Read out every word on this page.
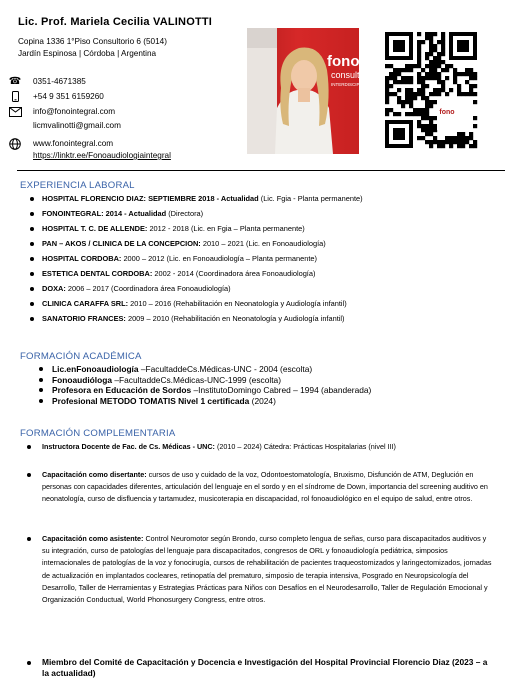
Lic. Prof. Mariela Cecilia VALINOTTI
Copina 1336 1°Piso Consultorio 6 (5014)
Jardín Espinosa | Córdoba | Argentina
☎ 0351-4671385
+54 9 351 6159260
info@fonointegral.com
licmvalinotti@gmail.com
www.fonointegral.com
https://linktr.ee/Fonoaudiologiaintegral
fono
consultor
INTERDISCIPLI
fono
EXPERIENCIA LABORAL
HOSPITAL FLORENCIO DIAZ: SEPTIEMBRE 2018 - Actualidad (Lic. Fgia - Planta permanente)
FONOINTEGRAL: 2014 - Actualidad (Directora)
HOSPITAL T. C. DE ALLENDE: 2012 - 2018 (Lic. en Fgia – Planta permanente)
PAN – AKOS / CLINICA DE LA CONCEPCION: 2010 – 2021 (Lic. en Fonoaudiología)
HOSPITAL CORDOBA: 2000 – 2012 (Lic. en Fonoaudiología – Planta permanente)
ESTETICA DENTAL CORDOBA: 2002 - 2014 (Coordinadora área Fonoaudiología)
DOXA: 2006 – 2017 (Coordinadora área Fonoaudiología)
CLINICA CARAFFA SRL: 2010 – 2016 (Rehabilitación en Neonatología y Audiología infantil)
SANATORIO FRANCES: 2009 – 2010 (Rehabilitación en Neonatología y Audiología infantil)
FORMACIÓN ACADÉMICA
Lic.enFonoaudiología –FacultaddeCs.Médicas-UNC - 2004 (escolta)
Fonoaudióloga –FacultaddeCs.Médicas-UNC-1999 (escolta)
Profesora en Educación de Sordos –InstitutoDomingo Cabred – 1994 (abanderada)
Profesional METODO TOMATIS Nivel 1 certificada (2024)
FORMACIÓN COMPLEMENTARIA
Instructora Docente de Fac. de Cs. Médicas - UNC: (2010 – 2024) Cátedra: Prácticas Hospitalarias (nivel III)
Capacitación como disertante: cursos de uso y cuidado de la voz, Odontoestomatología, Bruxismo, Disfunción de ATM, Deglución en personas con capacidades diferentes, articulación del lenguaje en el sordo y en el síndrome de Down, importancia del screening auditivo en neonatología, curso de disfluencia y tartamudez, musicoterapia en discapacidad, rol fonoaudiológico en el equipo de salud, entre otros.
Capacitación como asistente: Control Neuromotor según Brondo, curso completo lengua de señas, curso para discapacitados auditivos y su integración, curso de patologías del lenguaje para discapacitados, congresos de ORL y fonoaudiología pediátrica, simposios internacionales de patologías de la voz y fonocirugía, cursos de rehabilitación de pacientes traqueostomizados y laringectomizados, jornadas de actualización en implantados cocleares, retinopatía del prematuro, simposio de terapia intensiva, Posgrado en Neuropsicología del Desarrollo, Taller de Herramientas y Estrategias Prácticas para Niños con Desafíos en el Neurodesarrollo, Taller de Regulación Emocional y Organización Conductual, World Phonosurgery Congress, entre otros.
Miembro del Comité de Capacitación y Docencia e Investigación del Hospital Provincial Florencio Diaz (2023 – a la actualidad)
